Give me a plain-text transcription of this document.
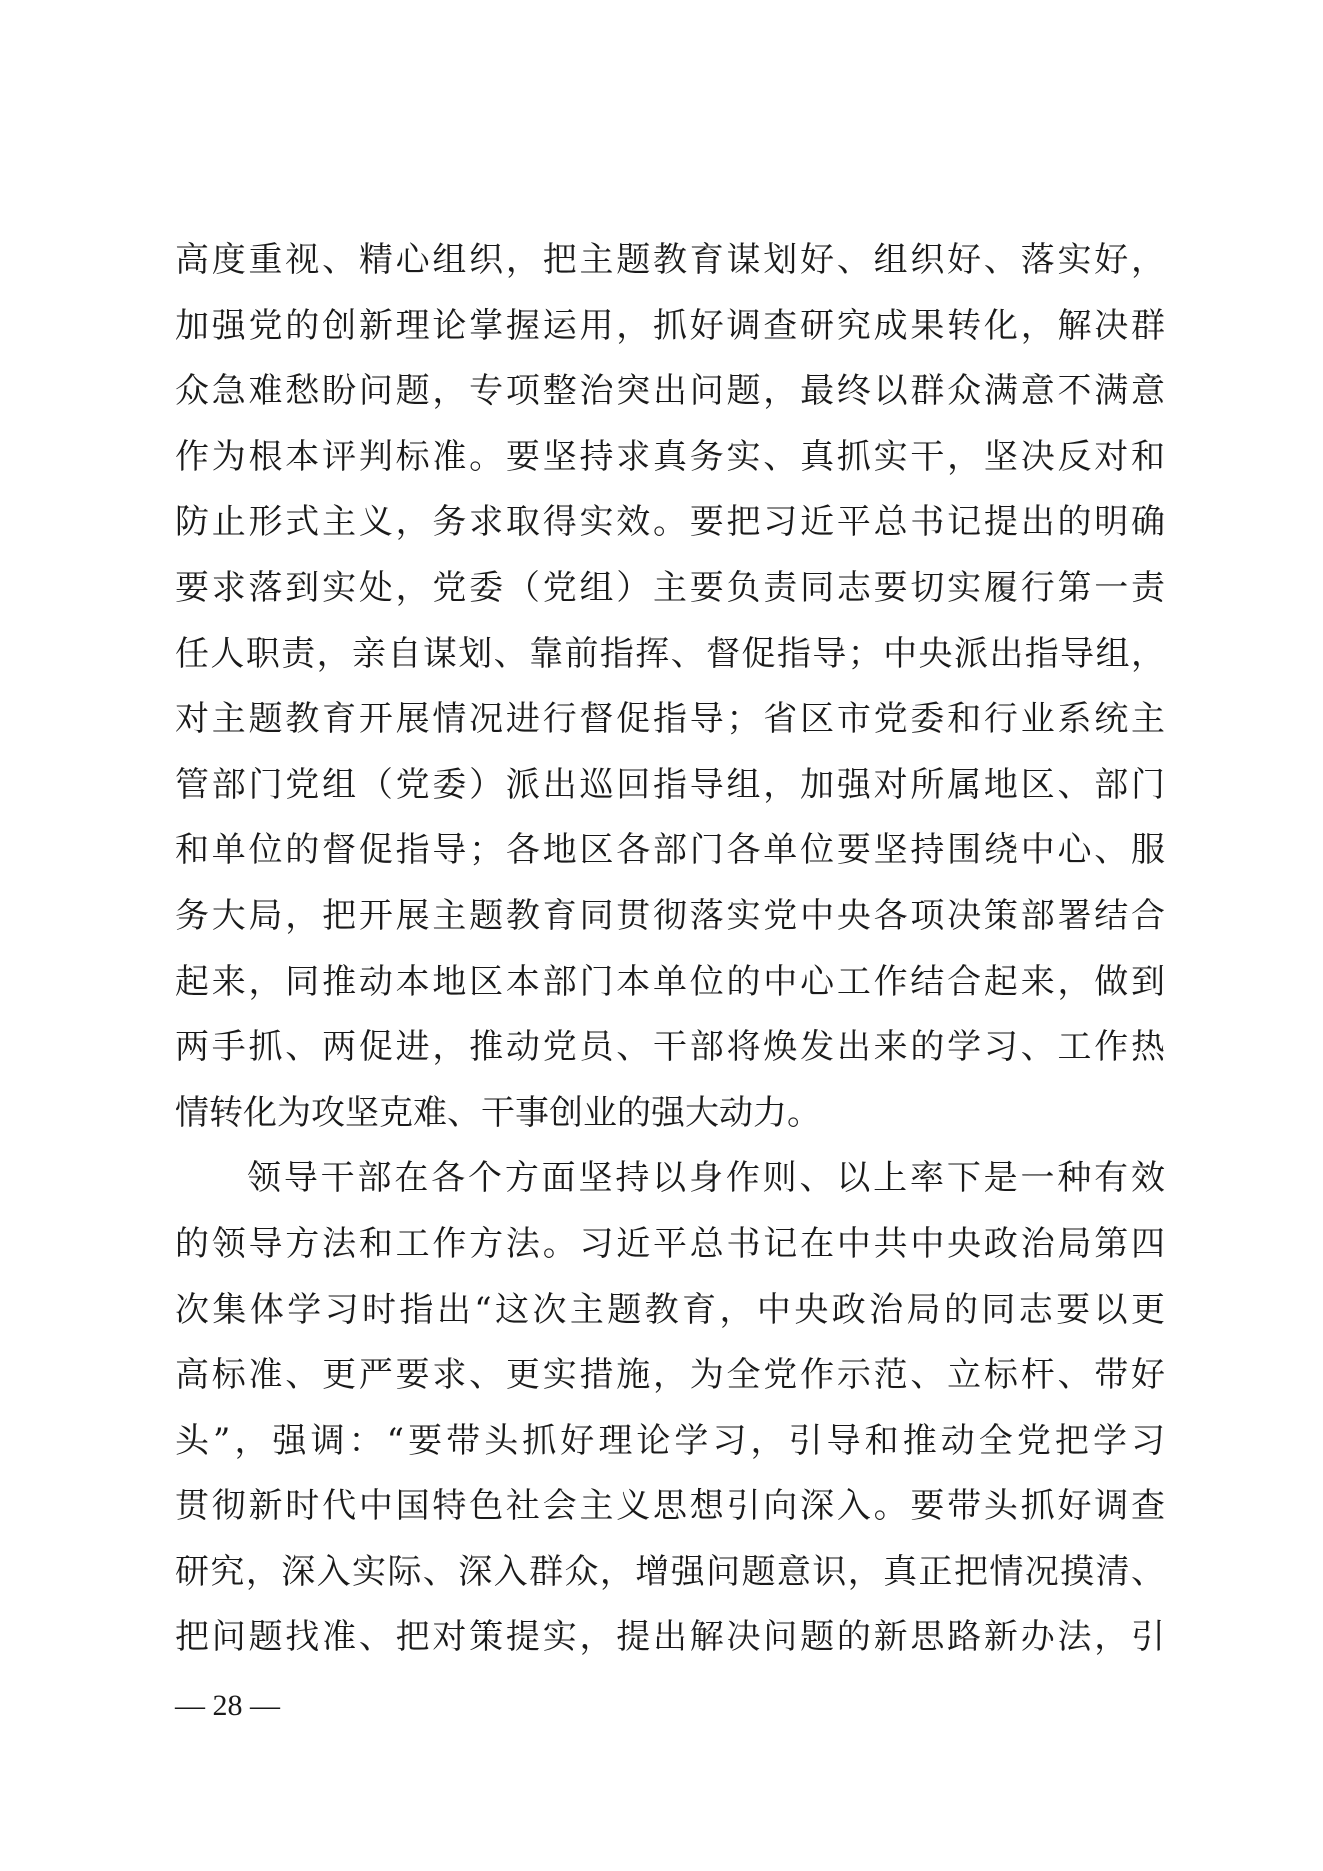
高度重视、精心组织，把主题教育谋划好、组织好、落实好，
加强党的创新理论掌握运用，抓好调查研究成果转化，解决群
众急难愁盼问题，专项整治突出问题，最终以群众满意不满意
作为根本评判标准。要坚持求真务实、真抓实干，坚决反对和
防止形式主义，务求取得实效。要把习近平总书记提出的明确
要求落到实处，党委（党组）主要负责同志要切实履行第一责
任人职责，亲自谋划、靠前指挥、督促指导；中央派出指导组，
对主题教育开展情况进行督促指导；省区市党委和行业系统主
管部门党组（党委）派出巡回指导组，加强对所属地区、部门
和单位的督促指导；各地区各部门各单位要坚持围绕中心、服
务大局，把开展主题教育同贯彻落实党中央各项决策部署结合
起来，同推动本地区本部门本单位的中心工作结合起来，做到
两手抓、两促进，推动党员、干部将焕发出来的学习、工作热
情转化为攻坚克难、干事创业的强大动力。
领导干部在各个方面坚持以身作则、以上率下是一种有效
的领导方法和工作方法。习近平总书记在中共中央政治局第四
次集体学习时指出“这次主题教育，中央政治局的同志要以更
高标准、更严要求、更实措施，为全党作示范、立标杆、带好
头”，强调：“要带头抓好理论学习，引导和推动全党把学习
贯彻新时代中国特色社会主义思想引向深入。要带头抓好调查
研究，深入实际、深入群众，增强问题意识，真正把情况摸清、
把问题找准、把对策提实，提出解决问题的新思路新办法，引
— 28 —
